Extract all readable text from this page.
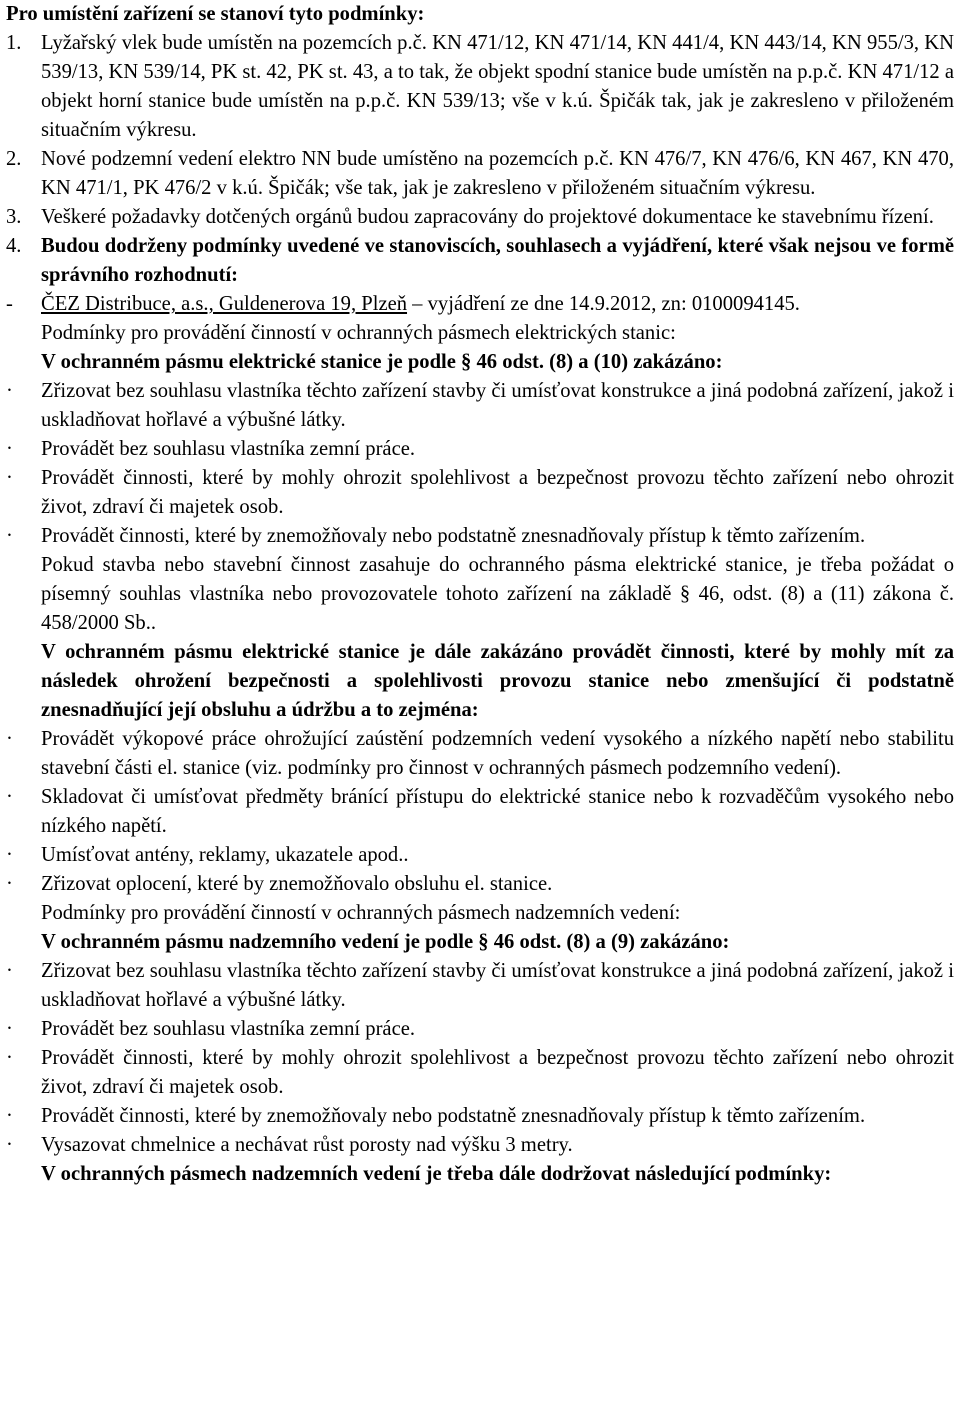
Pro umístění zařízení se stanoví tyto podmínky:
1. Lyžařský vlek bude umístěn na pozemcích p.č. KN 471/12, KN 471/14, KN 441/4, KN 443/14, KN 955/3, KN 539/13, KN 539/14, PK st. 42, PK st. 43, a to tak, že objekt spodní stanice bude umístěn na p.p.č. KN 471/12 a objekt horní stanice bude umístěn na p.p.č. KN 539/13; vše v k.ú. Špičák tak, jak je zakresleno v přiloženém situačním výkresu.
2. Nové podzemní vedení elektro NN bude umístěno na pozemcích p.č. KN 476/7, KN 476/6, KN 467, KN 470, KN 471/1, PK 476/2 v k.ú. Špičák; vše tak, jak je zakresleno v přiloženém situačním výkresu.
3. Veškeré požadavky dotčených orgánů budou zapracovány do projektové dokumentace ke stavebnímu řízení.
4. Budou dodrženy podmínky uvedené ve stanoviscích, souhlasech a vyjádření, které však nejsou ve formě správního rozhodnutí:
- ČEZ Distribuce, a.s., Guldenerova 19, Plzeň – vyjádření ze dne 14.9.2012, zn: 0100094145.
Podmínky pro provádění činností v ochranných pásmech elektrických stanic:
V ochranném pásmu elektrické stanice je podle § 46 odst. (8) a (10) zakázáno:
· Zřizovat bez souhlasu vlastníka těchto zařízení stavby či umísťovat konstrukce a jiná podobná zařízení, jakož i uskladňovat hořlavé a výbušné látky.
· Provádět bez souhlasu vlastníka zemní práce.
· Provádět činnosti, které by mohly ohrozit spolehlivost a bezpečnost provozu těchto zařízení nebo ohrozit život, zdraví či majetek osob.
· Provádět činnosti, které by znemožňovaly nebo podstatně znesnadňovaly přístup k těmto zařízením.
Pokud stavba nebo stavební činnost zasahuje do ochranného pásma elektrické stanice, je třeba požádat o písemný souhlas vlastníka nebo provozovatele tohoto zařízení na základě § 46, odst. (8) a (11) zákona č. 458/2000 Sb..
V ochranném pásmu elektrické stanice je dále zakázáno provádět činnosti, které by mohly mít za následek ohrožení bezpečnosti a spolehlivosti provozu stanice nebo zmenšující či podstatně znesnadňující její obsluhu a údržbu a to zejména:
· Provádět výkopové práce ohrožující zaústění podzemních vedení vysokého a nízkého napětí nebo stabilitu stavební části el. stanice (viz. podmínky pro činnost v ochranných pásmech podzemního vedení).
· Skladovat či umísťovat předměty bránící přístupu do elektrické stanice nebo k rozvaděčům vysokého nebo nízkého napětí.
· Umísťovat antény, reklamy, ukazatele apod..
· Zřizovat oplocení, které by znemožňovalo obsluhu el. stanice.
Podmínky pro provádění činností v ochranných pásmech nadzemních vedení:
V ochranném pásmu nadzemního vedení je podle § 46 odst. (8) a (9) zakázáno:
· Zřizovat bez souhlasu vlastníka těchto zařízení stavby či umísťovat konstrukce a jiná podobná zařízení, jakož i uskladňovat hořlavé a výbušné látky.
· Provádět bez souhlasu vlastníka zemní práce.
· Provádět činnosti, které by mohly ohrozit spolehlivost a bezpečnost provozu těchto zařízení nebo ohrozit život, zdraví či majetek osob.
· Provádět činnosti, které by znemožňovaly nebo podstatně znesnadňovaly přístup k těmto zařízením.
· Vysazovat chmelnice a nechávat růst porosty nad výšku 3 metry.
V ochranných pásmech nadzemních vedení je třeba dále dodržovat následující podmínky:
